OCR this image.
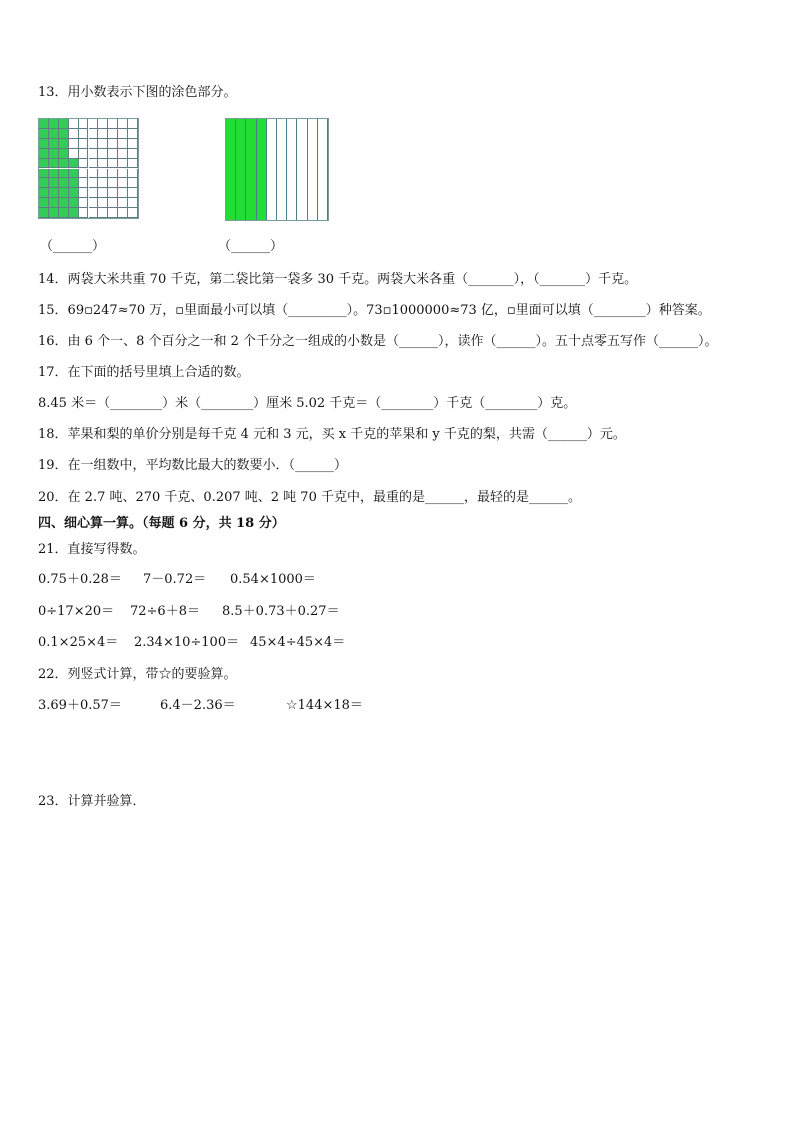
13．用小数表示下图的涂色部分。
（______）	（______）
14．两袋大米共重 70 千克，第二袋比第一袋多 30 千克。两袋大米各重（_______），（_______）千克。
15．69▫247≈70 万，▫里面最小可以填（_________）。73▫1000000≈73 亿，▫里面可以填（________）种答案。
16．由 6 个一、8 个百分之一和 2 个千分之一组成的小数是（______），读作（______）。五十点零五写作（______）。
17．在下面的括号里填上合适的数。
8.45 米＝（________）米（________）厘米 5.02 千克＝（________）千克（________）克。
18．苹果和梨的单价分别是每千克 4 元和 3 元，买 x 千克的苹果和 y 千克的梨，共需（______）元。
19．在一组数中，平均数比最大的数要小．（______）
20．在 2.7 吨、270 千克、0.207 吨、2 吨 70 千克中，最重的是______，最轻的是______。
四、细心算一算。（每题 6 分，共 18 分）
21．直接写得数。
0.75＋0.28＝ 7－0.72＝ 0.54×1000＝
0÷17×20＝ 72÷6＋8＝ 8.5＋0.73＋0.27＝
0.1×25×4＝ 2.34×10÷100＝ 45×4÷45×4＝
22．列竖式计算，带☆的要验算。
3.69＋0.57＝	6.4－2.36＝	☆144×18＝
23．计算并验算．
